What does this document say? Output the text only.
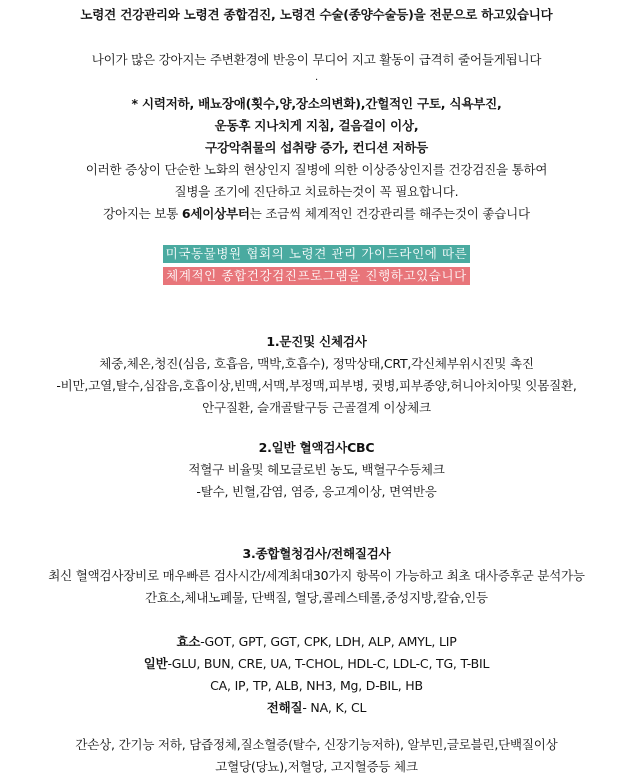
노령견 건강관리와 노령견 종합검진, 노령견 수술(종양수술등)을 전문으로 하고있습니다
나이가 많은 강아지는 주변환경에 반응이 무디어 지고 활동이 급격히 줄어들게됩니다
.
* 시력저하, 배뇨장애(횟수,양,장소의변화),간헐적인 구토, 식욕부진,
운동후 지나치게 지침, 걸음걸이 이상,
구강악취물의 섭취량 증가, 컨디션 저하등
이러한 증상이 단순한 노화의 현상인지 질병에 의한 이상증상인지를 건강검진을 통하여
질병을 조기에 진단하고 치료하는것이 꼭 필요합니다.
강아지는 보통 6세이상부터는 조금씩 체계적인 건강관리를 해주는것이 좋습니다
미국동물병원 협회의 노령견 관리 가이드라인에 따른
체계적인 종합건강검진프로그램을 진행하고있습니다
1.문진및 신체검사
체중,체온,청진(심음, 호흡음, 맥박,호흡수), 정막상태,CRT,각신체부위시진및 촉진
-비만,고열,탈수,심잡음,호흡이상,빈맥,서맥,부정맥,피부병, 귓병,피부종양,허니아치아및 잇몸질환,
안구질환, 슬개골탈구등 근골결계 이상체크
2.일반 혈액검사CBC
적혈구 비율및 헤모글로빈 농도, 백혈구수등체크
-탈수, 빈혈,감염, 염증, 응고계이상, 면역반응
3.종합혈청검사/전해질검사
최신 혈액검사장비로 매우빠른 검사시간/세계최대30가지 항목이 가능하고 최초 대사증후군 분석가능
간효소,체내노폐물, 단백질, 혈당,콜레스테롤,중성지방,칼슘,인등
효소-GOT, GPT, GGT, CPK, LDH, ALP, AMYL, LIP
일반-GLU, BUN, CRE, UA, T-CHOL, HDL-C, LDL-C, TG, T-BIL
CA, IP, TP, ALB, NH3, Mg, D-BIL, HB
전해질- NA, K, CL
간손상, 간기능 저하, 담즙정체,질소혈증(탈수, 신장기능저하), 알부민,글로블린,단백질이상
고혈당(당뇨),저혈당, 고지혈증등 체크
